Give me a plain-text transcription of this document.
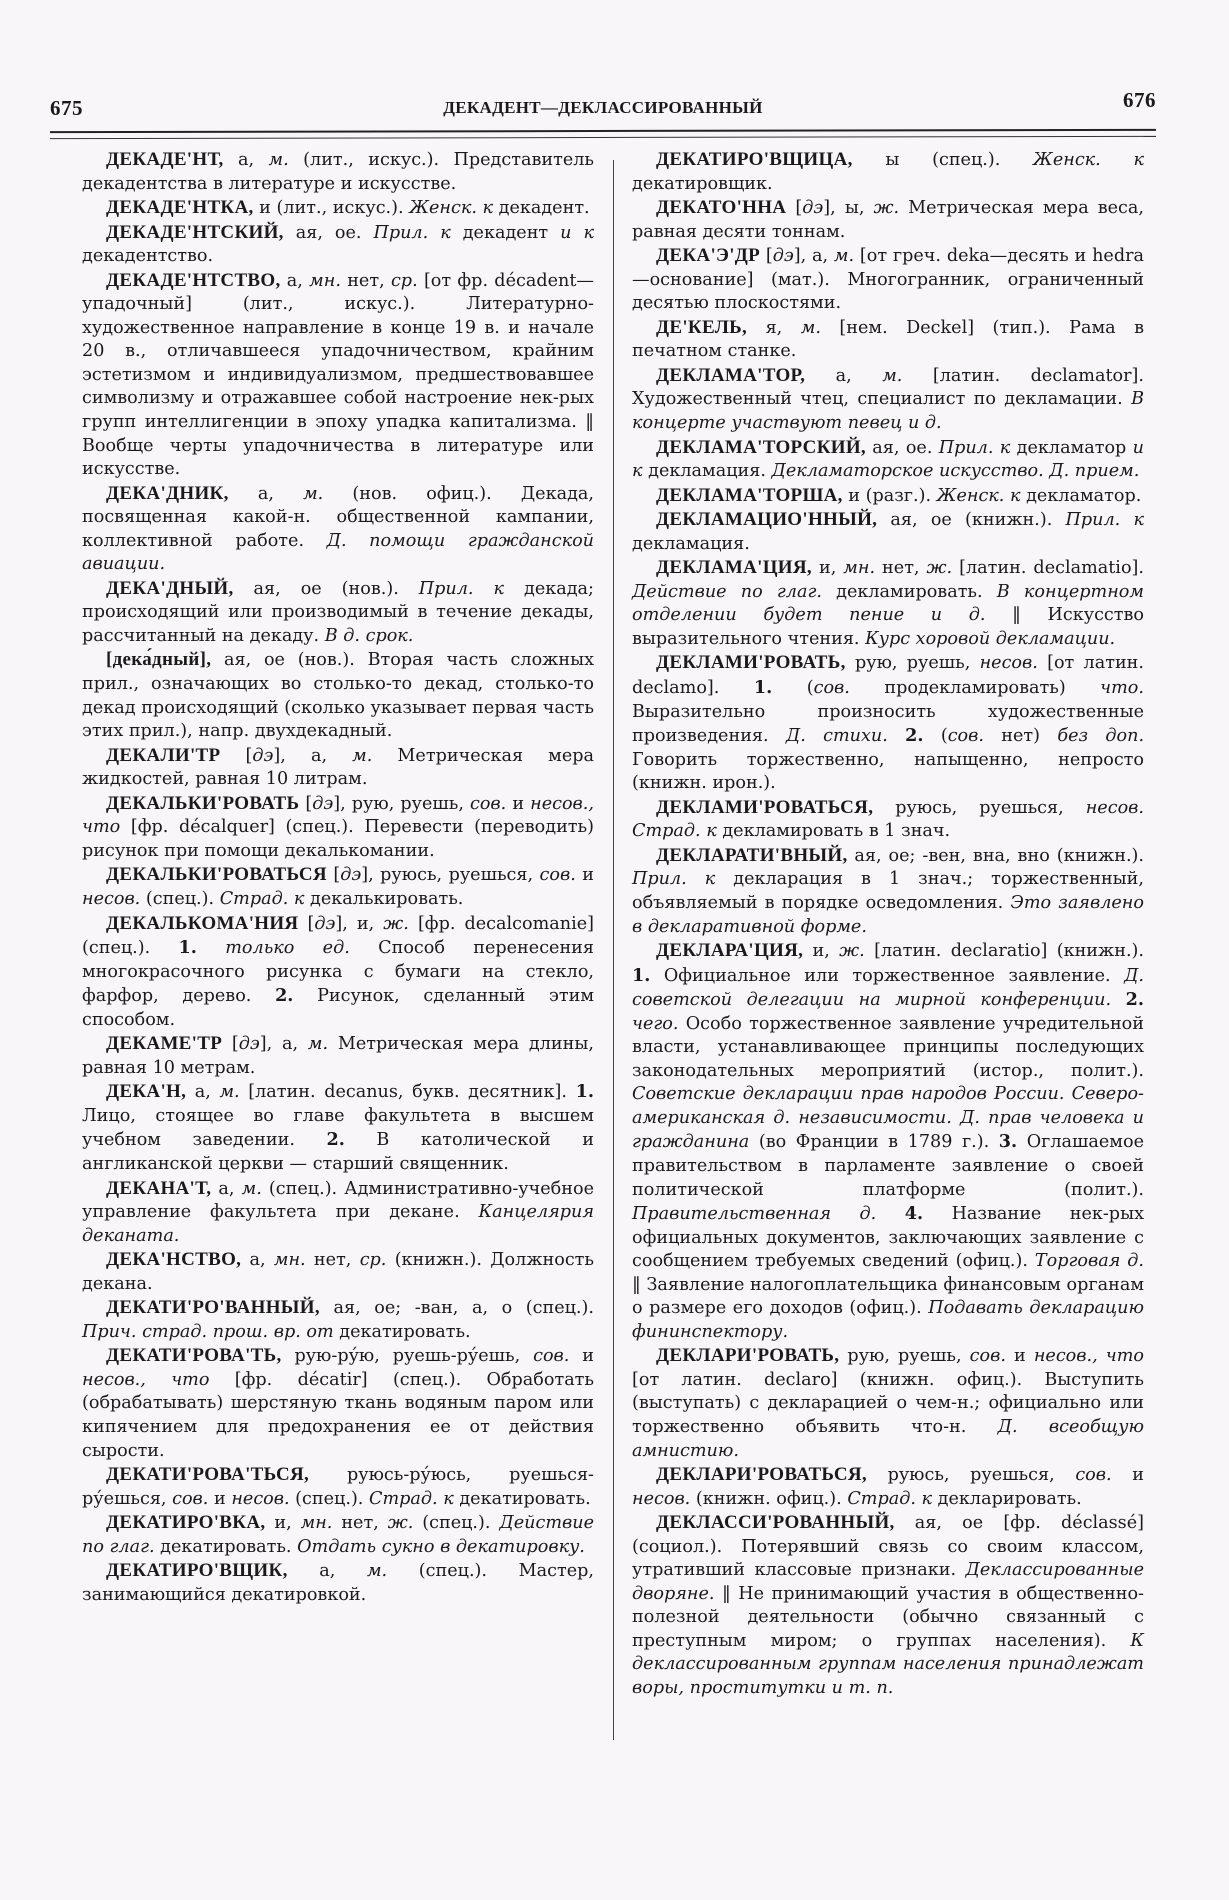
675	ДЕКАДЕНТ—ДЕКЛАССИРОВАННЫЙ	676

ДЕКАДЕ'НТ, а, м. (лит., искус.). Представитель декадентства в литературе и искусстве.

ДЕКАДЕ'НТКА, и (лит., искус.). Женск. к декадент.

ДЕКАДЕ'НТСКИЙ, ая, ое. Прил. к декадент и к декадентство.

ДЕКАДЕ'НТСТВО, а, мн. нет, ср. [от фр. décadent—упадочный] (лит., искус.). Литературно-художественное направление в конце 19 в. и начале 20 в., отличавшееся упадочничеством, крайним эстетизмом и индивидуализмом, предшествовавшее символизму и отражавшее собой настроение нек-рых групп интеллигенции в эпоху упадка капитализма. ‖ Вообще черты упадочничества в литературе или искусстве.

ДЕКА'ДНИК, а, м. (нов. офиц.). Декада, посвященная какой-н. общественной кампании, коллективной работе. Д. помощи гражданской авиации.

ДЕКА'ДНЫЙ, ая, ое (нов.). Прил. к декада; происходящий или производимый в течение декады, рассчитанный на декаду. В д. срок.

[дека́дный], ая, ое (нов.). Вторая часть сложных прил., означающих во столько-то декад, столько-то декад происходящий (сколько указывает первая часть этих прил.), напр. двухдекадный.

ДЕКАЛИ'ТР [дэ], а, м. Метрическая мера жидкостей, равная 10 литрам.

ДЕКАЛЬКИ'РОВАТЬ [дэ], рую, руешь, сов. и несов., что [фр. décalquer] (спец.). Перевести (переводить) рисунок при помощи декалькомании.

ДЕКАЛЬКИ'РОВАТЬСЯ [дэ], руюсь, руешься, сов. и несов. (спец.). Страд. к декалькировать.

ДЕКАЛЬКОМА'НИЯ [дэ], и, ж. [фр. decalcomanie] (спец.). 1. только ед. Способ перенесения многокрасочного рисунка с бумаги на стекло, фарфор, дерево. 2. Рисунок, сделанный этим способом.

ДЕКАМЕ'ТР [дэ], а, м. Метрическая мера длины, равная 10 метрам.

ДЕКА'Н, а, м. [латин. decanus, букв. десятник]. 1. Лицо, стоящее во главе факультета в высшем учебном заведении. 2. В католической и англиканской церкви — старший священник.

ДЕКАНА'Т, а, м. (спец.). Административно-учебное управление факультета при декане. Канцелярия деканата.

ДЕКА'НСТВО, а, мн. нет, ср. (книжн.). Должность декана.

ДЕКАТИ'РО'ВАННЫЙ, ая, ое; -ван, а, о (спец.). Прич. страд. прош. вр. от декатировать.

ДЕКАТИ'РОВА'ТЬ, рую-ру́ю, руешь-ру́ешь, сов. и несов., что [фр. décatir] (спец.). Обработать (обрабатывать) шерстяную ткань водяным паром или кипячением для предохранения ее от действия сырости.

ДЕКАТИ'РОВА'ТЬСЯ, руюсь-ру́юсь, руешься-ру́ешься, сов. и несов. (спец.). Страд. к декатировать.

ДЕКАТИРО'ВКА, и, мн. нет, ж. (спец.). Действие по глаг. декатировать. Отдать сукно в декатировку.

ДЕКАТИРО'ВЩИК, а, м. (спец.). Мастер, занимающийся декатировкой.

ДЕКАТИРО'ВЩИЦА, ы (спец.). Женск. к декатировщик.

ДЕКАТО'ННА [дэ], ы, ж. Метрическая мера веса, равная десяти тоннам.

ДЕКА'Э'ДР [дэ], а, м. [от греч. deka—десять и hedra—основание] (мат.). Многогранник, ограниченный десятью плоскостями.

ДЕ'КЕЛЬ, я, м. [нем. Deckel] (тип.). Рама в печатном станке.

ДЕКЛАМА'ТОР, а, м. [латин. declamator]. Художественный чтец, специалист по декламации. В концерте участвуют певец и д.

ДЕКЛАМА'ТОРСКИЙ, ая, ое. Прил. к декламатор и к декламация. Декламаторское искусство. Д. прием.

ДЕКЛАМА'ТОРША, и (разг.). Женск. к декламатор.

ДЕКЛАМАЦИО'ННЫЙ, ая, ое (книжн.). Прил. к декламация.

ДЕКЛАМА'ЦИЯ, и, мн. нет, ж. [латин. declamatio]. Действие по глаг. декламировать. В концертном отделении будет пение и д. ‖ Искусство выразительного чтения. Курс хоровой декламации.

ДЕКЛАМИ'РОВАТЬ, рую, руешь, несов. [от латин. declamo]. 1. (сов. продекламировать) что. Выразительно произносить художественные произведения. Д. стихи. 2. (сов. нет) без доп. Говорить торжественно, напыщенно, непросто (книжн. ирон.).

ДЕКЛАМИ'РОВАТЬСЯ, руюсь, руешься, несов. Страд. к декламировать в 1 знач.

ДЕКЛАРАТИ'ВНЫЙ, ая, ое; -вен, вна, вно (книжн.). Прил. к декларация в 1 знач.; торжественный, объявляемый в порядке осведомления. Это заявлено в декларативной форме.

ДЕКЛАРА'ЦИЯ, и, ж. [латин. declaratio] (книжн.). 1. Официальное или торжественное заявление. Д. советской делегации на мирной конференции. 2. чего. Особо торжественное заявление учредительной власти, устанавливающее принципы последующих законодательных мероприятий (истор., полит.). Советские декларации прав народов России. Северо-американская д. независимости. Д. прав человека и гражданина (во Франции в 1789 г.). 3. Оглашаемое правительством в парламенте заявление о своей политической платформе (полит.). Правительственная д. 4. Название нек-рых официальных документов, заключающих заявление с сообщением требуемых сведений (офиц.). Торговая д. ‖ Заявление налогоплательщика финансовым органам о размере его доходов (офиц.). Подавать декларацию фининспектору.

ДЕКЛАРИ'РОВАТЬ, рую, руешь, сов. и несов., что [от латин. declaro] (книжн. офиц.). Выступить (выступать) с декларацией о чем-н.; официально или торжественно объявить что-н. Д. всеобщую амнистию.

ДЕКЛАРИ'РОВАТЬСЯ, руюсь, руешься, сов. и несов. (книжн. офиц.). Страд. к декларировать.

ДЕКЛАССИ'РОВАННЫЙ, ая, ое [фр. déclassé] (социол.). Потерявший связь со своим классом, утративший классовые признаки. Деклассированные дворяне. ‖ Не принимающий участия в общественно-полезной деятельности (обычно связанный с преступным миром; о группах населения). К деклассированным группам населения принадлежат воры, проститутки и т. п.
